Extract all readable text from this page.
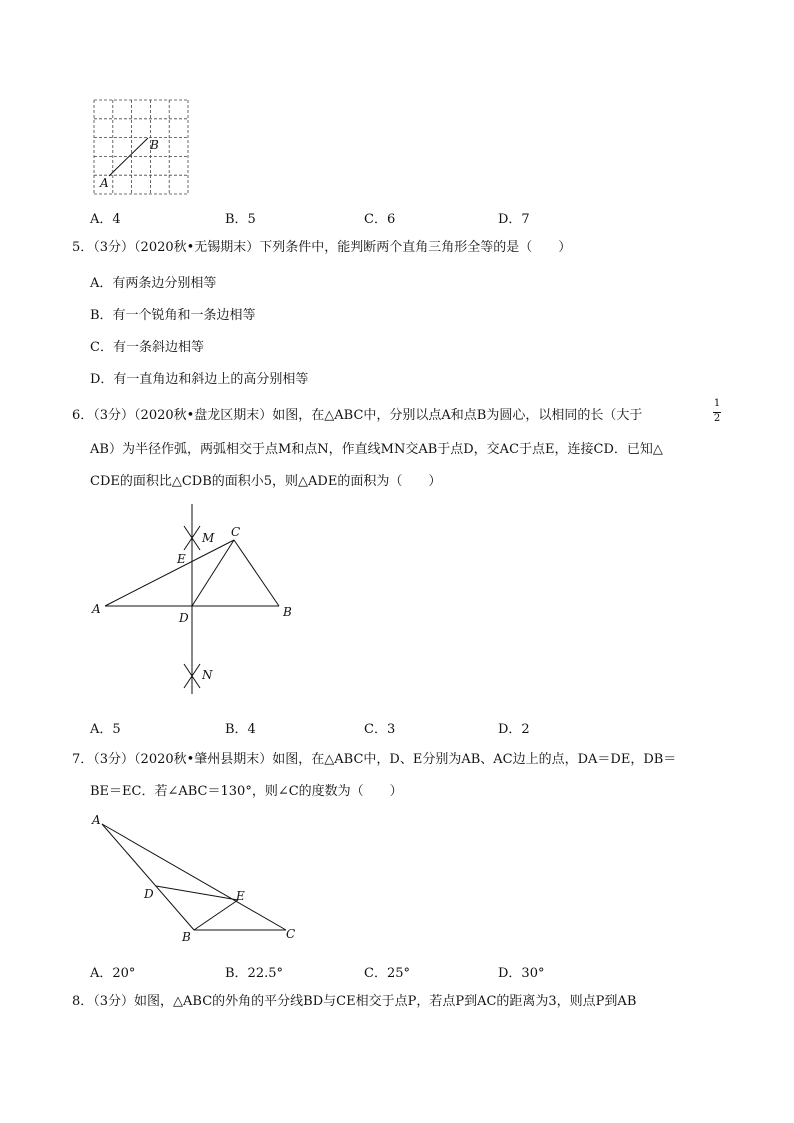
A
B
A．4	B．5	C．6	D．7
5．（3分）（2020秋•无锡期末）下列条件中，能判断两个直角三角形全等的是（　　）
A．有两条边分别相等
B．有一个锐角和一条边相等
C．有一条斜边相等
D．有一直角边和斜边上的高分别相等
6．（3分）（2020秋•盘龙区期末）如图，在△ABC中，分别以点A和点B为圆心，以相同的长（大于
1
2
AB）为半径作弧，两弧相交于点M和点N，作直线MN交AB于点D，交AC于点E，连接CD．已知△
CDE的面积比△CDB的面积小5，则△ADE的面积为（　　）
A	B
C
D
E
M
N
A．5	B．4	C．3	D．2
7．（3分）（2020秋•肇州县期末）如图，在△ABC中，D、E分别为AB、AC边上的点，DA＝DE，DB＝
BE＝EC．若∠ABC＝130°，则∠C的度数为（　　）
A
B	C
D	E
A．20°	B．22.5°	C．25°	D．30°
8．（3分）如图，△ABC的外角的平分线BD与CE相交于点P，若点P到AC的距离为3，则点P到AB
